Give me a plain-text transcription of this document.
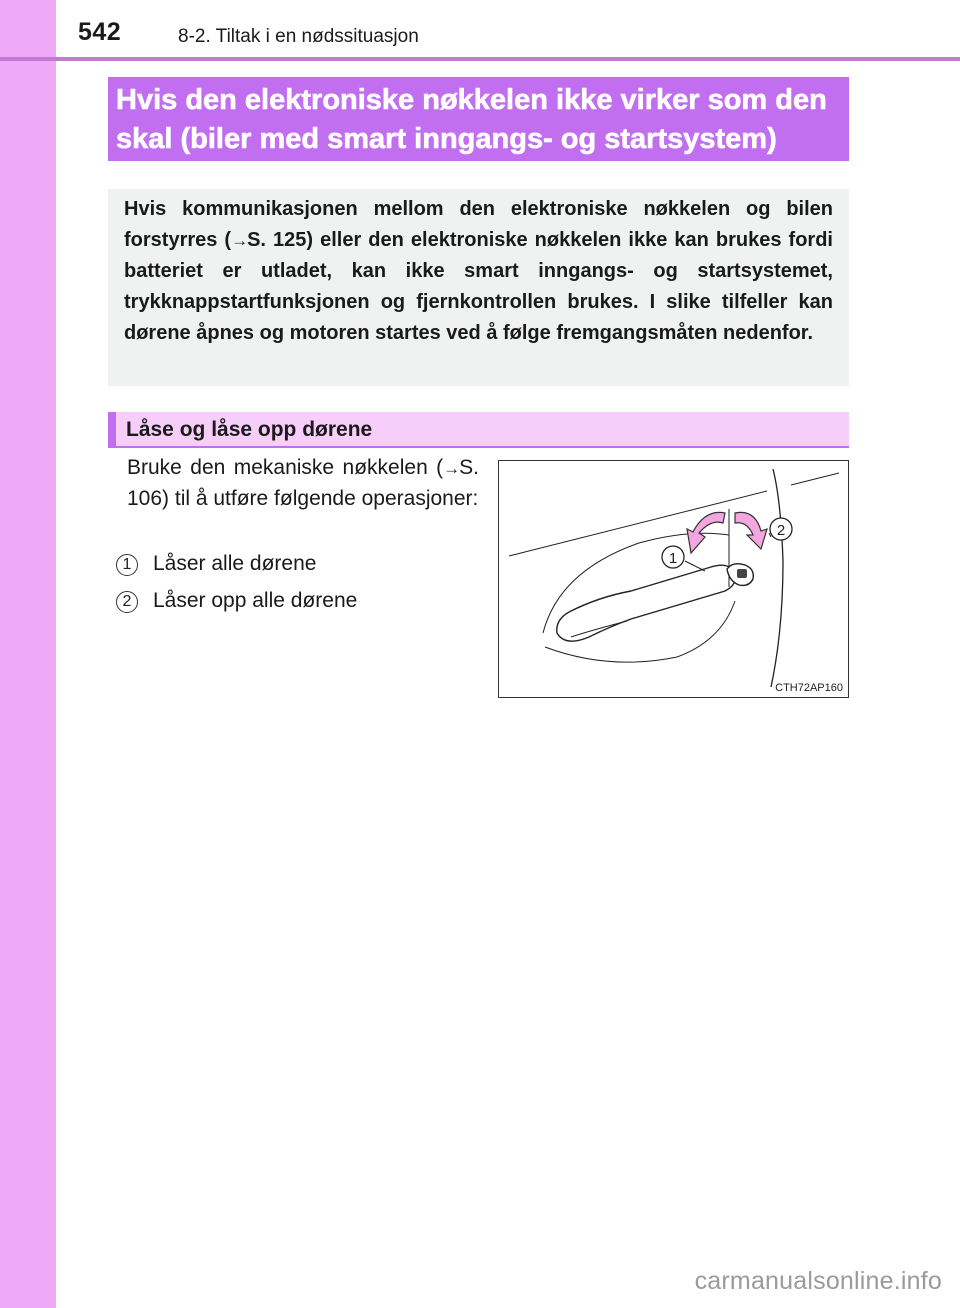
542	8-2. Tiltak i en nødssituasjon
Hvis den elektroniske nøkkelen ikke virker som den
skal (biler med smart inngangs- og startsystem)
Hvis kommunikasjonen mellom den elektroniske nøkkelen og bilen forstyrres (→S. 125) eller den elektroniske nøkkelen ikke kan brukes fordi batteriet er utladet, kan ikke smart inngangs- og startsystemet, trykknappstartfunksjonen og fjernkontrollen brukes. I slike tilfeller kan dørene åpnes og motoren startes ved å følge fremgangsmåten nedenfor.
Låse og låse opp dørene
Bruke den mekaniske nøkkelen (→S. 106) til å utføre følgende operasjoner:
1	Låser alle dørene
2	Låser opp alle dørene
1
2
CTH72AP160
carmanualsonline.info
